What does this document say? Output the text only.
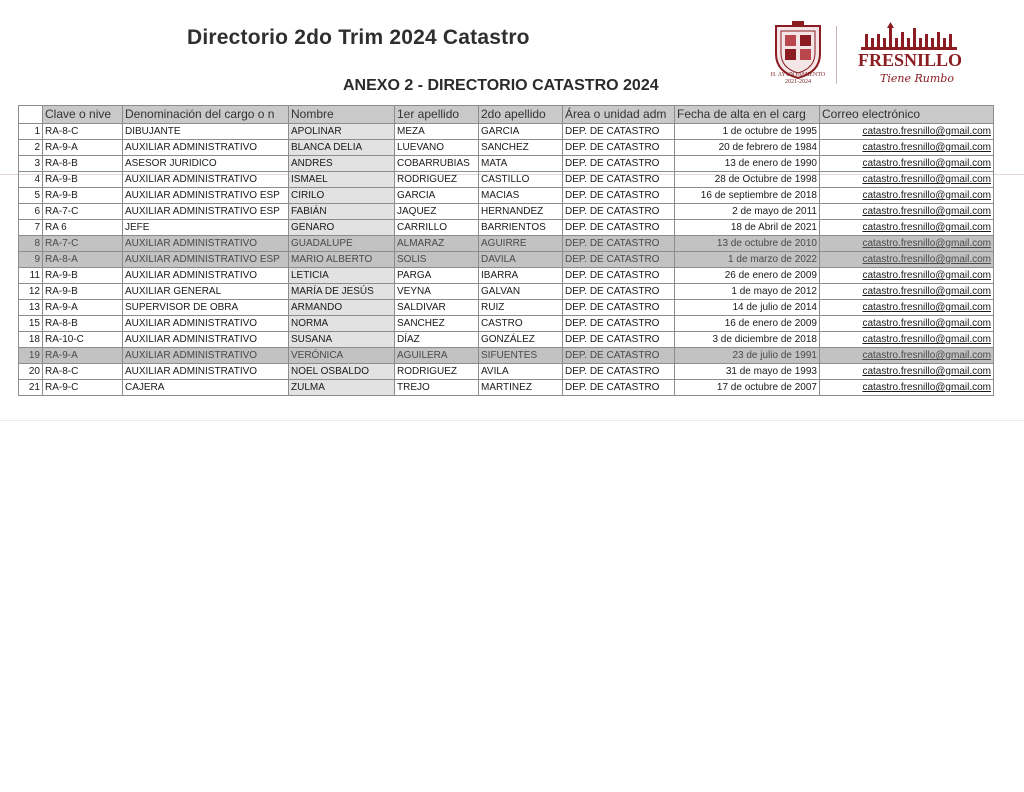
Directorio 2do Trim 2024 Catastro
ANEXO 2 - DIRECTORIO CATASTRO 2024
H. AYUNTAMIENTO
2021-2024
FRESNILLO
Tiene Rumbo
	Clave o nive	Denominación del cargo o n	Nombre	1er apellido	2do apellido	Área o unidad adm	Fecha de alta en el carg	Correo electrónico
1	RA-8-C	DIBUJANTE	APOLINAR	MEZA	GARCIA	DEP. DE CATASTRO	1 de octubre de 1995	catastro.fresnillo@gmail.com
2	RA-9-A	AUXILIAR ADMINISTRATIVO	BLANCA DELIA	LUEVANO	SANCHEZ	DEP. DE CATASTRO	20 de febrero de 1984	catastro.fresnillo@gmail.com
3	RA-8-B	ASESOR JURIDICO	ANDRES	COBARRUBIAS	MATA	DEP. DE CATASTRO	13 de enero de 1990	catastro.fresnillo@gmail.com
4	RA-9-B	AUXILIAR ADMINISTRATIVO	ISMAEL	RODRIGUEZ	CASTILLO	DEP. DE CATASTRO	28 de Octubre de 1998	catastro.fresnillo@gmail.com
5	RA-9-B	AUXILIAR ADMINISTRATIVO ESP	CIRILO	GARCIA	MACIAS	DEP. DE CATASTRO	16 de septiembre de 2018	catastro.fresnillo@gmail.com
6	RA-7-C	AUXILIAR ADMINISTRATIVO ESP	FABIÁN	JAQUEZ	HERNANDEZ	DEP. DE CATASTRO	2 de mayo de 2011	catastro.fresnillo@gmail.com
7	RA 6	JEFE	GENARO	CARRILLO	BARRIENTOS	DEP. DE CATASTRO	18 de Abril de 2021	catastro.fresnillo@gmail.com
8	RA-7-C	AUXILIAR ADMINISTRATIVO	GUADALUPE	ALMARAZ	AGUIRRE	DEP. DE CATASTRO	13 de octubre de 2010	catastro.fresnillo@gmail.com
9	RA-8-A	AUXILIAR ADMINISTRATIVO ESP	MARIO ALBERTO	SOLIS	DAVILA	DEP. DE CATASTRO	1 de marzo de 2022	catastro.fresnillo@gmail.com
11	RA-9-B	AUXILIAR ADMINISTRATIVO	LETICIA	PARGA	IBARRA	DEP. DE CATASTRO	26 de enero de 2009	catastro.fresnillo@gmail.com
12	RA-9-B	AUXILIAR GENERAL	MARÍA DE JESÚS	VEYNA	GALVAN	DEP. DE CATASTRO	1 de mayo de 2012	catastro.fresnillo@gmail.com
13	RA-9-A	SUPERVISOR DE OBRA	ARMANDO	SALDIVAR	RUIZ	DEP. DE CATASTRO	14 de julio de 2014	catastro.fresnillo@gmail.com
15	RA-8-B	AUXILIAR ADMINISTRATIVO	NORMA	SANCHEZ	CASTRO	DEP. DE CATASTRO	16 de enero de 2009	catastro.fresnillo@gmail.com
18	RA-10-C	AUXILIAR ADMINISTRATIVO	SUSANA	DÍAZ	GONZÁLEZ	DEP. DE CATASTRO	3 de diciembre de 2018	catastro.fresnillo@gmail.com
19	RA-9-A	AUXILIAR ADMINISTRATIVO	VERÓNICA	AGUILERA	SIFUENTES	DEP. DE CATASTRO	23 de julio de 1991	catastro.fresnillo@gmail.com
20	RA-8-C	AUXILIAR ADMINISTRATIVO	NOEL OSBALDO	RODRIGUEZ	AVILA	DEP. DE CATASTRO	31 de mayo de 1993	catastro.fresnillo@gmail.com
21	RA-9-C	CAJERA	ZULMA	TREJO	MARTINEZ	DEP. DE CATASTRO	17 de octubre de 2007	catastro.fresnillo@gmail.com
